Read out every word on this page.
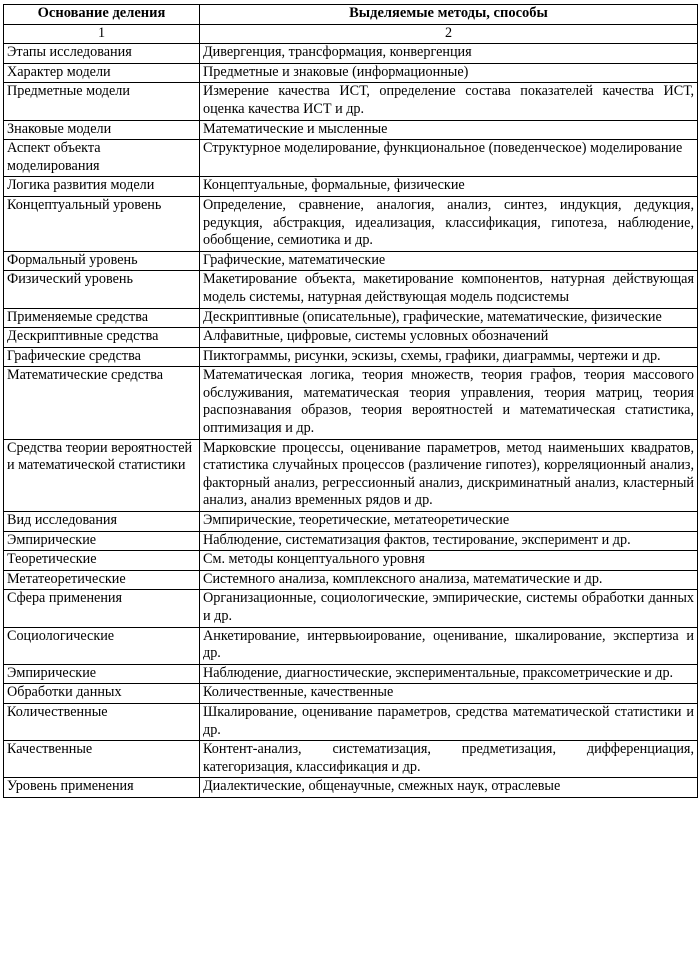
Основание деления	Выделяемые методы, способы
1	2
Этапы исследования	Дивергенция, трансформация, конвергенция
Характер модели	Предметные и знаковые (информационные)
Предметные модели	Измерение качества ИСТ, определение состава показателей качества ИСТ, оценка качества ИСТ и др.
Знаковые модели	Математические и мысленные
Аспект объекта моделирования	Структурное моделирование, функциональное (поведенческое) моделирование
Логика развития модели	Концептуальные, формальные, физические
Концептуальный уровень	Определение, сравнение, аналогия, анализ, синтез, индукция, дедукция, редукция, абстракция, идеализация, классификация, гипотеза, наблюдение, обобщение, семиотика и др.
Формальный уровень	Графические, математические
Физический уровень	Макетирование объекта, макетирование компонентов, натурная действующая модель системы, натурная действующая модель подсистемы
Применяемые средства	Дескриптивные (описательные), графические, математические, физические
Дескриптивные средства	Алфавитные, цифровые, системы условных обозначений
Графические средства	Пиктограммы, рисунки, эскизы, схемы, графики, диаграммы, чертежи и др.
Математические средства	Математическая логика, теория множеств, теория графов, теория массового обслуживания, математическая теория управления, теория матриц, теория распознавания образов, теория вероятностей и математическая статистика, оптимизация и др.
Средства теории вероятностей и математической статистики	Марковские процессы, оценивание параметров, метод наименьших квадратов, статистика случайных процессов (различение гипотез), корреляционный анализ, факторный анализ, регрессионный анализ, дискриминатный анализ, кластерный анализ, анализ временных рядов и др.
Вид исследования	Эмпирические, теоретические, метатеоретические
Эмпирические	Наблюдение, систематизация фактов, тестирование, эксперимент и др.
Теоретические	См. методы концептуального уровня
Метатеоретические	Системного анализа, комплексного анализа, математические и др.
Сфера применения	Организационные, социологические, эмпирические, системы обработки данных и др.
Социологические	Анкетирование, интервьюирование, оценивание, шкалирование, экспертиза и др.
Эмпирические	Наблюдение, диагностические, экспериментальные, праксометрические и др.
Обработки данных	Количественные, качественные
Количественные	Шкалирование, оценивание параметров, средства математической статистики и др.
Качественные	Контент-анализ, систематизация, предметизация, дифференциация, категоризация, классификация и др.
Уровень применения	Диалектические, общенаучные, смежных наук, отраслевые
